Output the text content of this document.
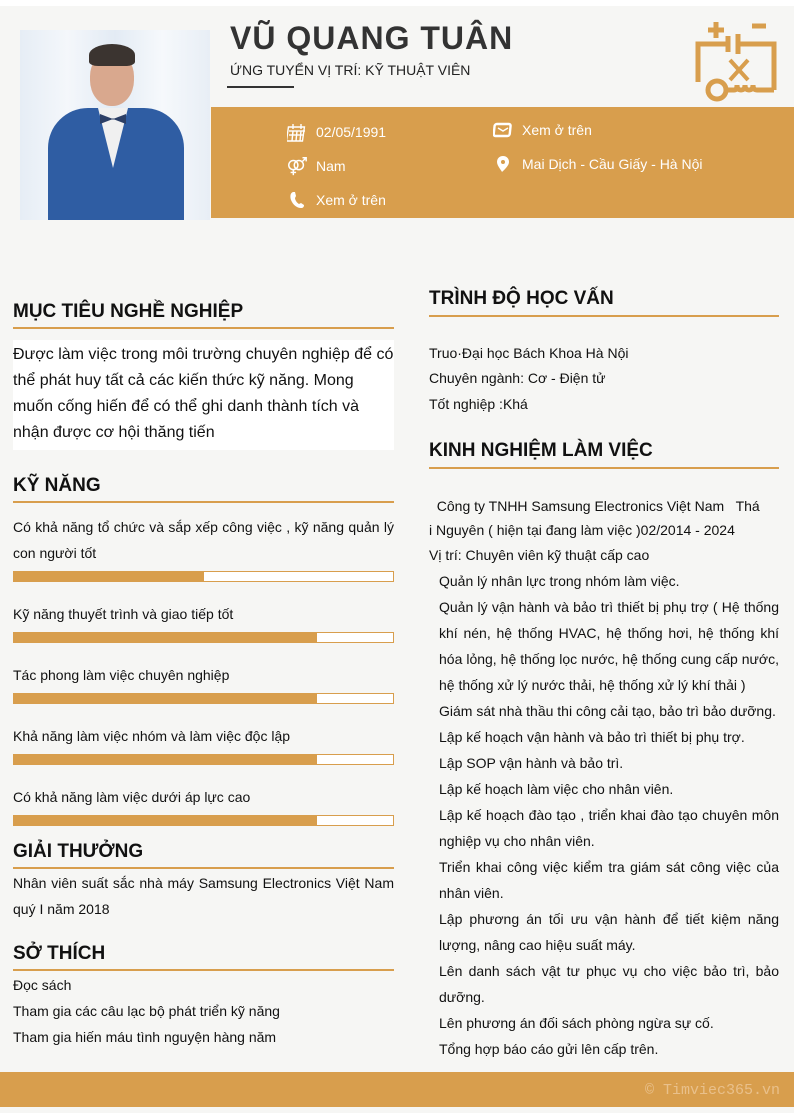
VŨ QUANG TUÂN
ỨNG TUYỂN VỊ TRÍ: KỸ THUẬT VIÊN
02/05/1991
Nam
Xem ở trên
Xem ở trên
Mai Dịch - Cầu Giấy - Hà Nội
MỤC TIÊU NGHỀ NGHIỆP
Được làm việc trong môi trường chuyên nghiệp để có thể phát huy tất cả các kiến thức kỹ năng. Mong muốn cống hiến để có thể ghi danh thành tích và nhận được cơ hội thăng tiến
KỸ NĂNG
Có khả năng tổ chức và sắp xếp công việc , kỹ năng quản lý con người tốt
Kỹ năng thuyết trình và giao tiếp tốt
Tác phong làm việc chuyên nghiệp
Khả năng làm việc nhóm và làm việc độc lập
Có khả năng làm việc dưới áp lực cao
GIẢI THƯỞNG
Nhân viên suất sắc nhà máy Samsung Electronics Việt Nam quý I năm 2018
SỞ THÍCH
Đọc sách
Tham gia các câu lạc bộ phát triển kỹ năng
Tham gia hiến máu tình nguyện hàng năm
TRÌNH ĐỘ HỌC VẤN
Truo·Đại học Bách Khoa Hà Nội
Chuyên ngành: Cơ - Điện tử
Tốt nghiệp :Khá
KINH NGHIỆM LÀM VIỆC
Công ty TNHH Samsung Electronics Việt Nam   Thá
i Nguyên ( hiện tại đang làm việc )02/2014 - 2024
Vị trí: Chuyên viên kỹ thuật cấp cao
Quản lý nhân lực trong nhóm làm việc.
Quản lý vận hành và bảo trì thiết bị phụ trợ ( Hệ thống khí nén, hệ thống HVAC, hệ thống hơi, hệ thống khí hóa lỏng, hệ thống lọc nước, hệ thống cung cấp nước, hệ thống xử lý nước thải, hệ thống xử lý khí thải )
Giám sát nhà thầu thi công cải tạo, bảo trì bảo dưỡng.
Lập kế hoạch vận hành và bảo trì thiết bị phụ trợ.
Lập SOP vận hành và bảo trì.
Lập kế hoạch làm việc cho nhân viên.
Lập kế hoạch đào tạo , triển khai đào tạo chuyên môn nghiệp vụ cho nhân viên.
Triển khai công việc kiểm tra giám sát công việc của nhân viên.
Lập phương án tối ưu vận hành để tiết kiệm năng lượng, nâng cao hiệu suất máy.
Lên danh sách vật tư phục vụ cho việc bảo trì, bảo dưỡng.
Lên phương án đối sách phòng ngừa sự cố.
Tổng hợp báo cáo gửi lên cấp trên.
© Timviec365.vn
